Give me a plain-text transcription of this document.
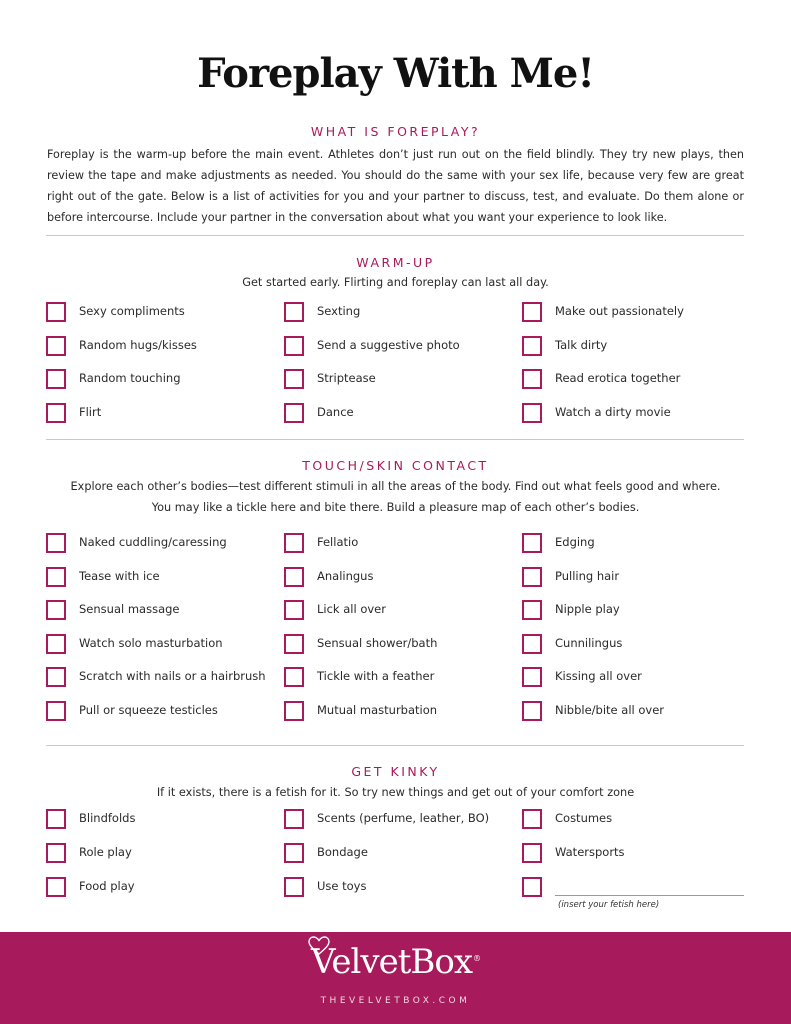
Foreplay With Me!
WHAT IS FOREPLAY?
Foreplay is the warm-up before the main event. Athletes don’t just run out on the field blindly. They try new plays, then review the tape and make adjustments as needed. You should do the same with your sex life, because very few are great right out of the gate. Below is a list of activities for you and your partner to discuss, test, and evaluate. Do them alone or before intercourse. Include your partner in the conversation about what you want your experience to look like.
WARM-UP
Get started early. Flirting and foreplay can last all day.
Sexy compliments	Sexting	Make out passionately
Random hugs/kisses	Send a suggestive photo	Talk dirty
Random touching	Striptease	Read erotica together
Flirt	Dance	Watch a dirty movie
TOUCH/SKIN CONTACT
Explore each other’s bodies—test different stimuli in all the areas of the body. Find out what feels good and where.
You may like a tickle here and bite there. Build a pleasure map of each other’s bodies.
Naked cuddling/caressing	Fellatio	Edging
Tease with ice	Analingus	Pulling hair
Sensual massage	Lick all over	Nipple play
Watch solo masturbation	Sensual shower/bath	Cunnilingus
Scratch with nails or a hairbrush	Tickle with a feather	Kissing all over
Pull or squeeze testicles	Mutual masturbation	Nibble/bite all over
GET KINKY
If it exists, there is a fetish for it. So try new things and get out of your comfort zone
Blindfolds	Scents (perfume, leather, BO)	Costumes
Role play	Bondage	Watersports
Food play	Use toys
(insert your fetish here)
VelvetBox®
THEVELVETBOX.COM
